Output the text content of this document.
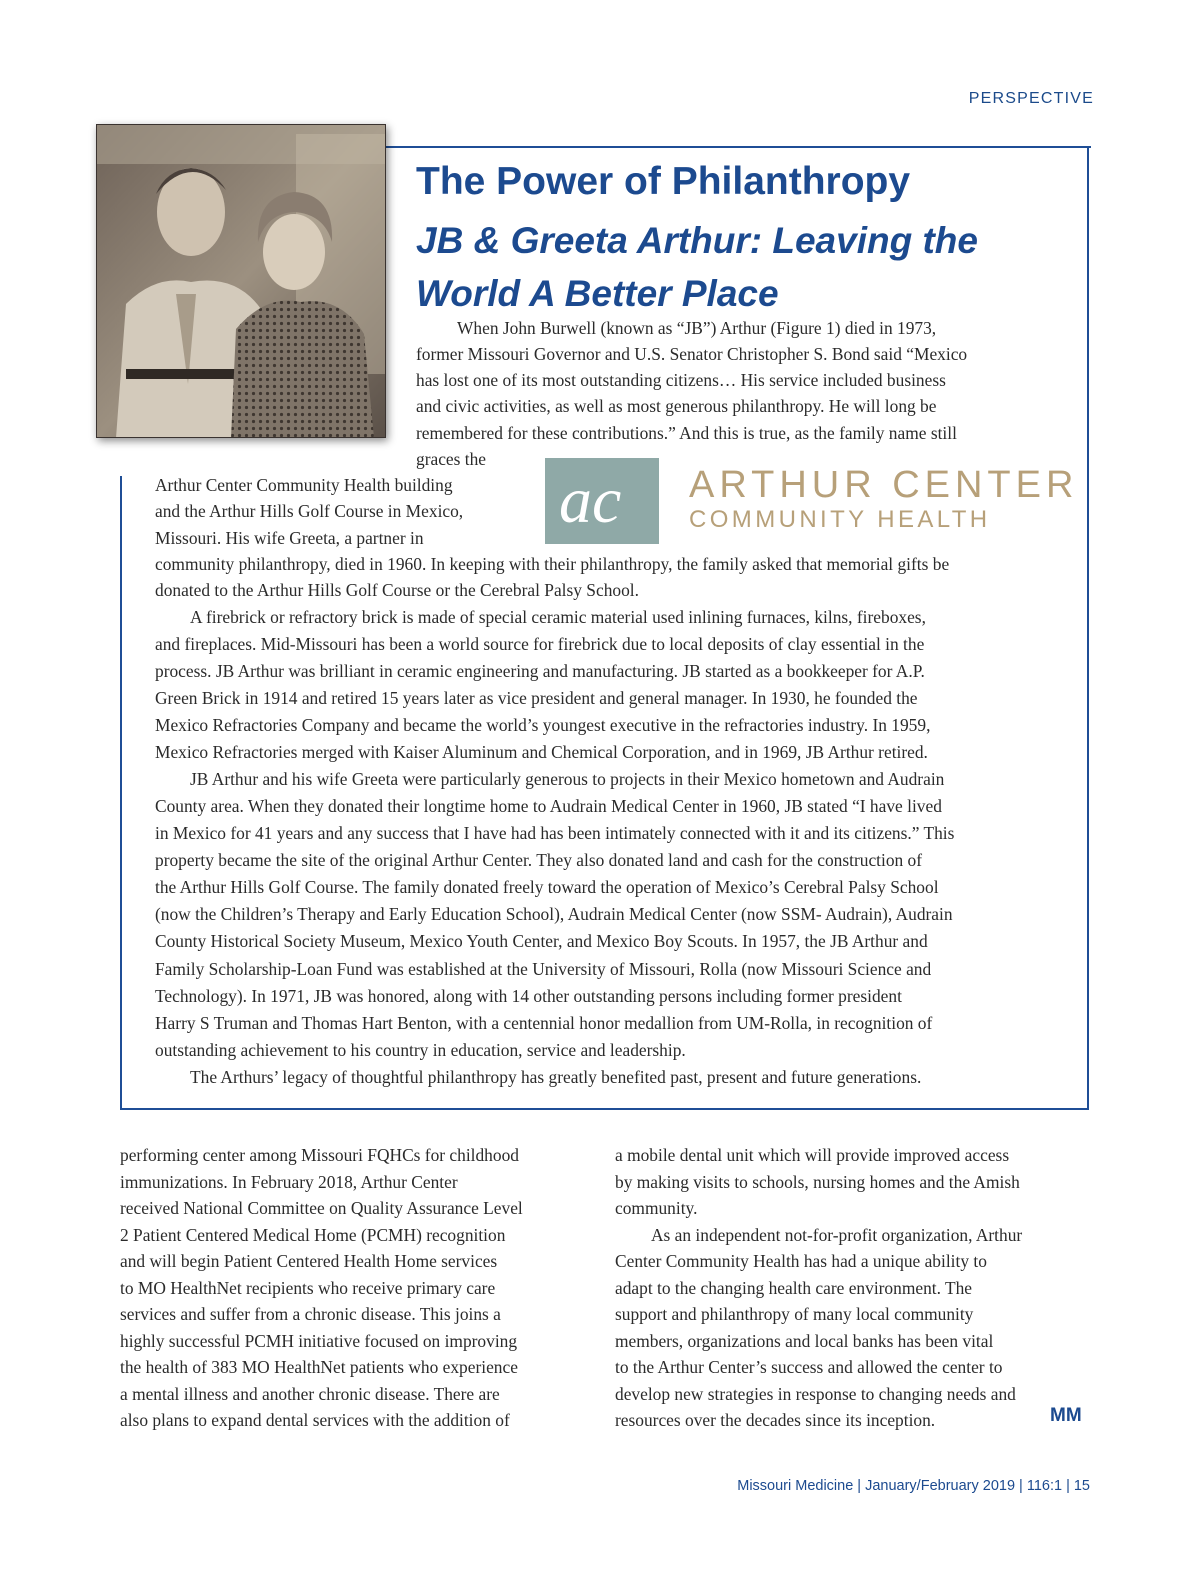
PERSPECTIVE
The Power of Philanthropy
JB & Greeta Arthur: Leaving the World A Better Place
When John Burwell (known as “JB”) Arthur (Figure 1) died in 1973,
former Missouri Governor and U.S. Senator Christopher S. Bond said “Mexico
has lost one of its most outstanding citizens… His service included business
and civic activities, as well as most generous philanthropy. He will long be
remembered for these contributions.” And this is true, as the family name still
graces the
Arthur Center Community Health building
and the Arthur Hills Golf Course in Mexico,
Missouri. His wife Greeta, a partner in
community philanthropy, died in 1960. In keeping with their philanthropy, the family asked that memorial gifts be
donated to the Arthur Hills Golf Course or the Cerebral Palsy School.
A firebrick or refractory brick is made of special ceramic material used inlining furnaces, kilns, fireboxes,
and fireplaces. Mid-Missouri has been a world source for firebrick due to local deposits of clay essential in the
process. JB Arthur was brilliant in ceramic engineering and manufacturing. JB started as a bookkeeper for A.P.
Green Brick in 1914 and retired 15 years later as vice president and general manager. In 1930, he founded the
Mexico Refractories Company and became the world’s youngest executive in the refractories industry. In 1959,
Mexico Refractories merged with Kaiser Aluminum and Chemical Corporation, and in 1969, JB Arthur retired.
JB Arthur and his wife Greeta were particularly generous to projects in their Mexico hometown and Audrain
County area. When they donated their longtime home to Audrain Medical Center in 1960, JB stated “I have lived
in Mexico for 41 years and any success that I have had has been intimately connected with it and its citizens.” This
property became the site of the original Arthur Center. They also donated land and cash for the construction of
the Arthur Hills Golf Course. The family donated freely toward the operation of Mexico’s Cerebral Palsy School
(now the Children’s Therapy and Early Education School), Audrain Medical Center (now SSM- Audrain), Audrain
County Historical Society Museum, Mexico Youth Center, and Mexico Boy Scouts. In 1957, the JB Arthur and
Family Scholarship-Loan Fund was established at the University of Missouri, Rolla (now Missouri Science and
Technology). In 1971, JB was honored, along with 14 other outstanding persons including former president
Harry S Truman and Thomas Hart Benton, with a centennial honor medallion from UM-Rolla, in recognition of
outstanding achievement to his country in education, service and leadership.
The Arthurs’ legacy of thoughtful philanthropy has greatly benefited past, present and future generations.
ac ARTHUR CENTER
COMMUNITY HEALTH
performing center among Missouri FQHCs for childhood
immunizations. In February 2018, Arthur Center
received National Committee on Quality Assurance Level
2 Patient Centered Medical Home (PCMH) recognition
and will begin Patient Centered Health Home services
to MO HealthNet recipients who receive primary care
services and suffer from a chronic disease. This joins a
highly successful PCMH initiative focused on improving
the health of 383 MO HealthNet patients who experience
a mental illness and another chronic disease. There are
also plans to expand dental services with the addition of
a mobile dental unit which will provide improved access
by making visits to schools, nursing homes and the Amish
community.
As an independent not-for-profit organization, Arthur
Center Community Health has had a unique ability to
adapt to the changing health care environment. The
support and philanthropy of many local community
members, organizations and local banks has been vital
to the Arthur Center’s success and allowed the center to
develop new strategies in response to changing needs and
resources over the decades since its inception.	MM
Missouri Medicine | January/February 2019 | 116:1 | 15
